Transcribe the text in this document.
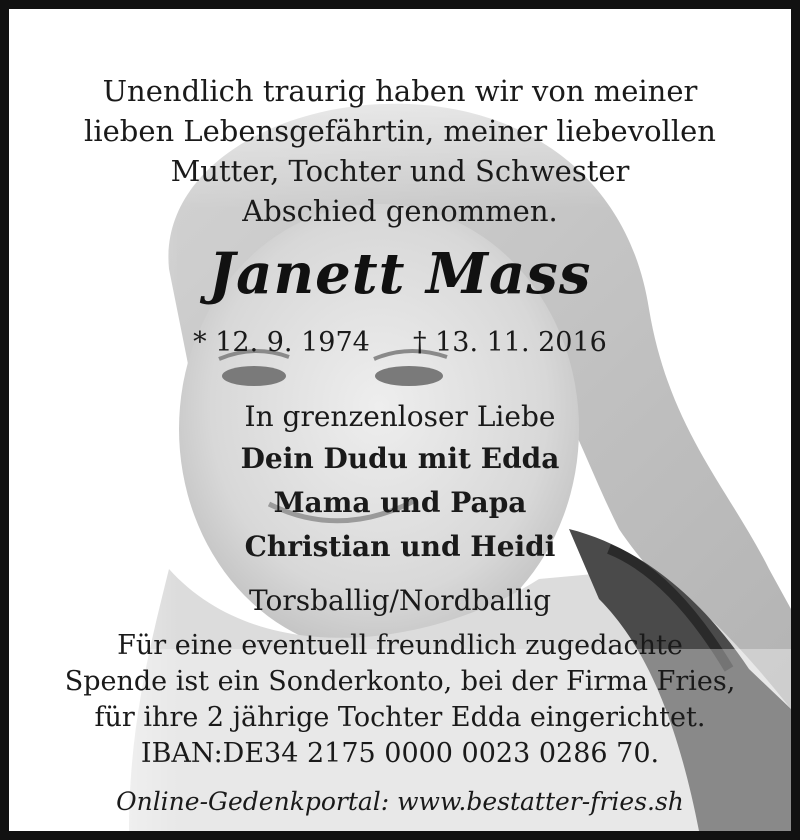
Unendlich traurig haben wir von meiner
lieben Lebensgefährtin, meiner liebevollen
Mutter, Tochter und Schwester
Abschied genommen.
Janett Mass
* 12. 9. 1974 † 13. 11. 2016
In grenzenloser Liebe
Dein Dudu mit Edda
Mama und Papa
Christian und Heidi
Torsballig/Nordballig
Für eine eventuell freundlich zugedachte
Spende ist ein Sonderkonto, bei der Firma Fries,
für ihre 2 jährige Tochter Edda eingerichtet.
IBAN:DE34 2175 0000 0023 0286 70.
Online-Gedenkportal: www.bestatter-fries.sh
